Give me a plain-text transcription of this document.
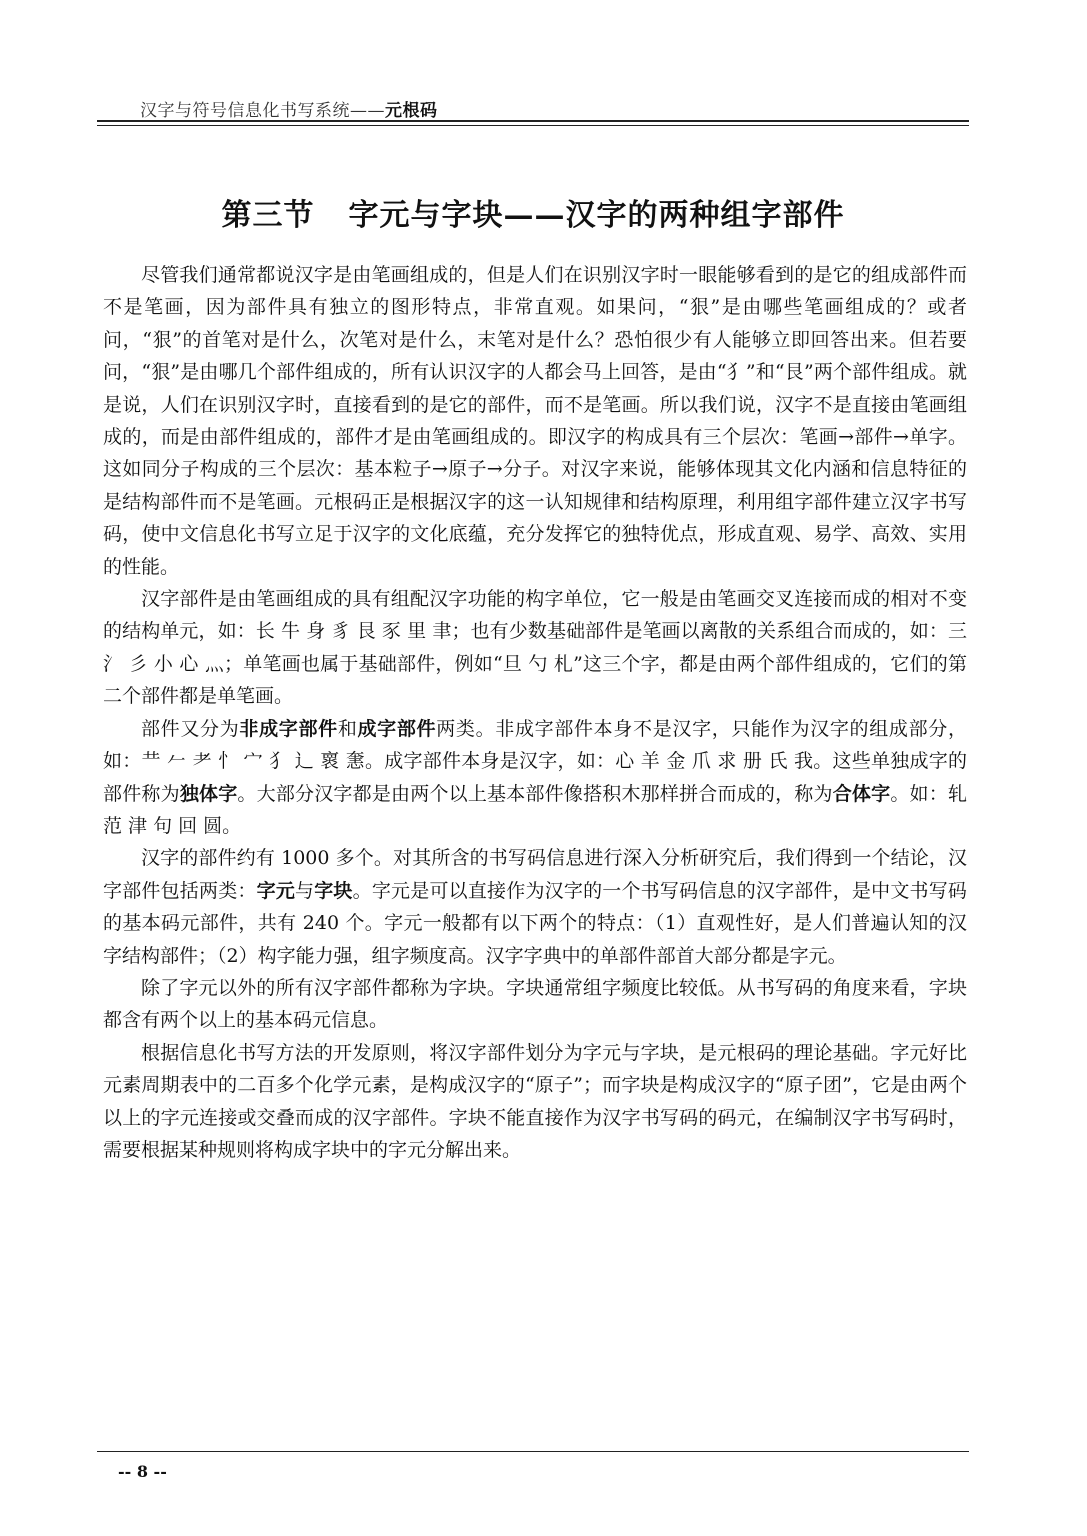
汉字与符号信息化书写系统——元根码
第三节 字元与字块——汉字的两种组字部件

尽管我们通常都说汉字是由笔画组成的，但是人们在识别汉字时一眼能够看到的是它的组成部件而不是笔画，因为部件具有独立的图形特点，非常直观。如果问，“狠”是由哪些笔画组成的？或者问，“狠”的首笔对是什么，次笔对是什么，末笔对是什么？恐怕很少有人能够立即回答出来。但若要问，“狠”是由哪几个部件组成的，所有认识汉字的人都会马上回答，是由“犭”和“艮”两个部件组成。就是说，人们在识别汉字时，直接看到的是它的部件，而不是笔画。所以我们说，汉字不是直接由笔画组成的，而是由部件组成的，部件才是由笔画组成的。即汉字的构成具有三个层次：笔画→部件→单字。这如同分子构成的三个层次：基本粒子→原子→分子。对汉字来说，能够体现其文化内涵和信息特征的是结构部件而不是笔画。元根码正是根据汉字的这一认知规律和结构原理，利用组字部件建立汉字书写码，使中文信息化书写立足于汉字的文化底蕴，充分发挥它的独特优点，形成直观、易学、高效、实用的性能。

汉字部件是由笔画组成的具有组配汉字功能的构字单位，它一般是由笔画交叉连接而成的相对不变的结构单元，如：长 牛 身 豸 艮 豕 里 聿；也有少数基础部件是笔画以离散的关系组合而成的，如：三 氵 彡 小 心 灬；单笔画也属于基础部件，例如“旦 勺 札”这三个字，都是由两个部件组成的，它们的第二个部件都是单笔画。

部件又分为非成字部件和成字部件两类。非成字部件本身不是汉字，只能作为汉字的组成部分，如：龷 𠂉 耂 忄 宀 犭 辶 褱 㥣。成字部件本身是汉字，如：心 羊 金 爪 求 册 氏 我。这些单独成字的部件称为独体字。大部分汉字都是由两个以上基本部件像搭积木那样拼合而成的，称为合体字。如：轧 范 津 句 回 圆。

汉字的部件约有 1000 多个。对其所含的书写码信息进行深入分析研究后，我们得到一个结论，汉字部件包括两类：字元与字块。字元是可以直接作为汉字的一个书写码信息的汉字部件，是中文书写码的基本码元部件，共有 240 个。字元一般都有以下两个的特点：（1）直观性好，是人们普遍认知的汉字结构部件；（2）构字能力强，组字频度高。汉字字典中的单部件部首大部分都是字元。

除了字元以外的所有汉字部件都称为字块。字块通常组字频度比较低。从书写码的角度来看，字块都含有两个以上的基本码元信息。

根据信息化书写方法的开发原则，将汉字部件划分为字元与字块，是元根码的理论基础。字元好比元素周期表中的二百多个化学元素，是构成汉字的“原子”；而字块是构成汉字的“原子团”，它是由两个以上的字元连接或交叠而成的汉字部件。字块不能直接作为汉字书写码的码元，在编制汉字书写码时，需要根据某种规则将构成字块中的字元分解出来。

-- 8 --
